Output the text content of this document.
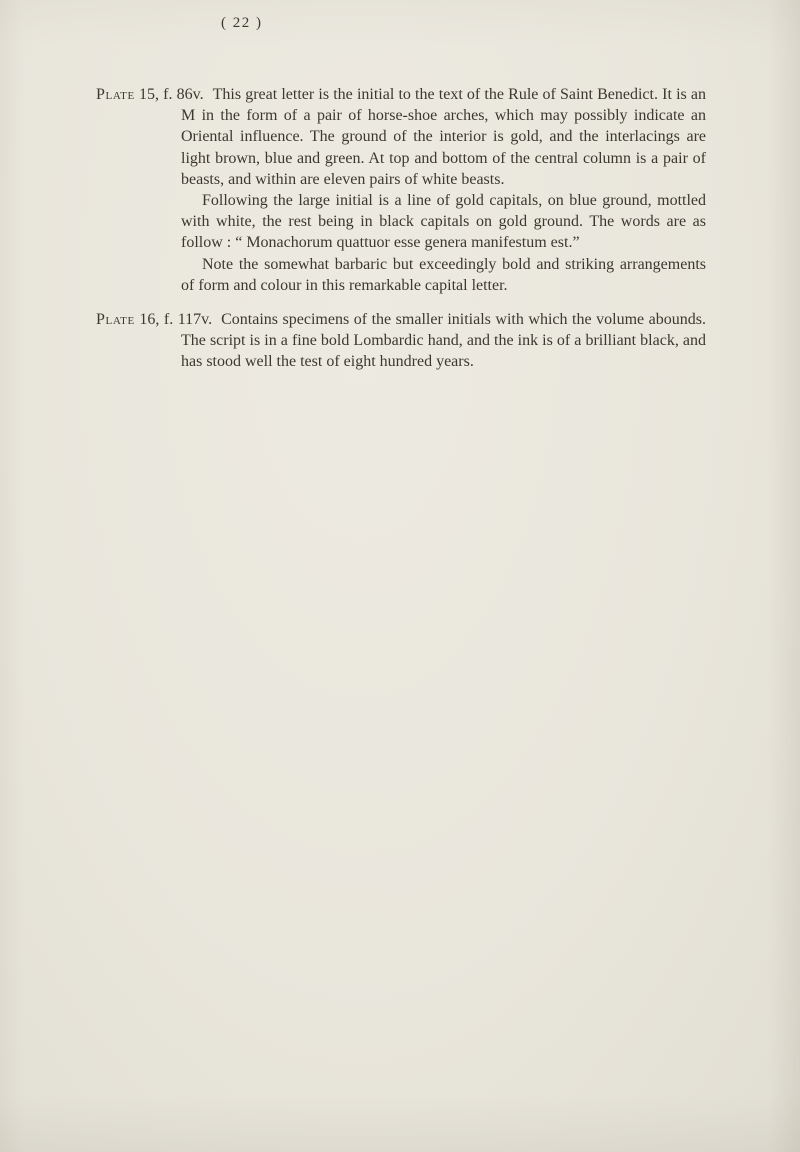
( 22 )

Plate 15, f. 86v. This great letter is the initial to the text of the Rule of Saint Benedict. It is an M in the form of a pair of horse-shoe arches, which may possibly indicate an Oriental influence. The ground of the interior is gold, and the interlacings are light brown, blue and green. At top and bottom of the central column is a pair of beasts, and within are eleven pairs of white beasts.

Following the large initial is a line of gold capitals, on blue ground, mottled with white, the rest being in black capitals on gold ground. The words are as follow : “ Monachorum quattuor esse genera manifestum est.”

Note the somewhat barbaric but exceedingly bold and striking arrangements of form and colour in this remarkable capital letter.

Plate 16, f. 117v. Contains specimens of the smaller initials with which the volume abounds. The script is in a fine bold Lombardic hand, and the ink is of a brilliant black, and has stood well the test of eight hundred years.
